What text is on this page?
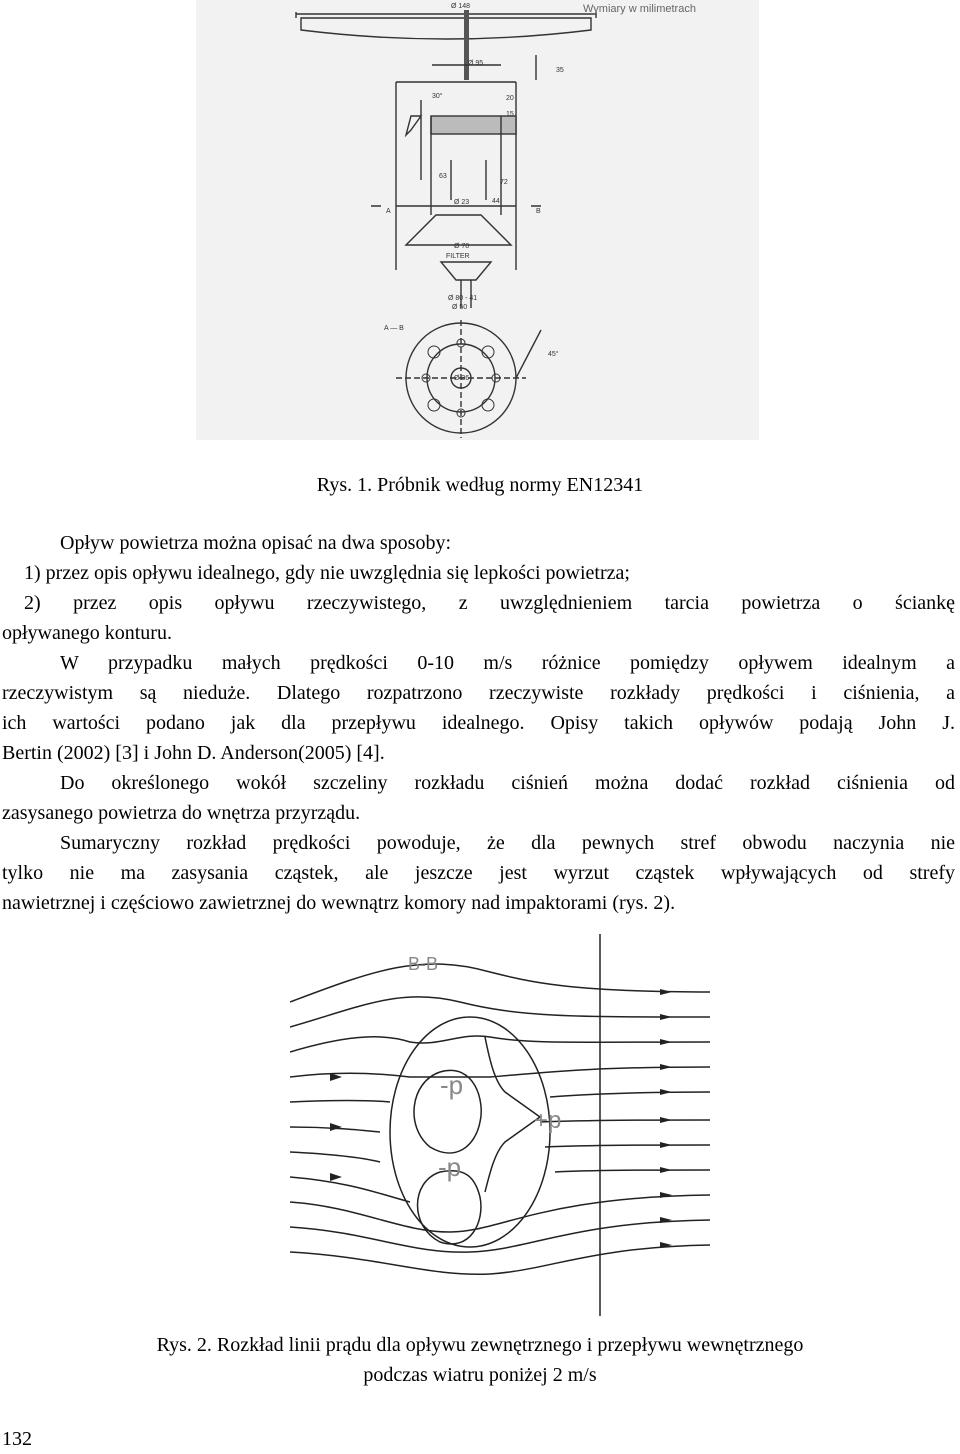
Wymiary w milimetrach
Ø 148
Ø 95
35
30°	20
15
63
72
A	B
Ø 23	44
Ø 78
FILTER
Ø 80 - 41
Ø 50
A — B
45°
Ø 36
Rys. 1. Próbnik według normy EN12341
Opływ powietrza można opisać na dwa sposoby:
1) przez opis opływu idealnego, gdy nie uwzględnia się lepkości powietrza;
2) przez opis opływu rzeczywistego, z uwzględnieniem tarcia powietrza o ściankę
opływanego konturu.
W przypadku małych prędkości 0-10 m/s różnice pomiędzy opływem idealnym a
rzeczywistym są nieduże. Dlatego rozpatrzono rzeczywiste rozkłady prędkości i ciśnienia, a
ich wartości podano jak dla przepływu idealnego. Opisy takich opływów podają John J.
Bertin (2002) [3] i John D. Anderson(2005) [4].
Do określonego wokół szczeliny rozkładu ciśnień można dodać rozkład ciśnienia od
zasysanego powietrza do wnętrza przyrządu.
Sumaryczny rozkład prędkości powoduje, że dla pewnych stref obwodu naczynia nie
tylko nie ma zasysania cząstek, ale jeszcze jest wyrzut cząstek wpływających od strefy
nawietrznej i częściowo zawietrznej do wewnątrz komory nad impaktorami (rys. 2).
B-B
-p
+p
-p
Rys. 2. Rozkład linii prądu dla opływu zewnętrznego i przepływu wewnętrznego
podczas wiatru poniżej 2 m/s
132
